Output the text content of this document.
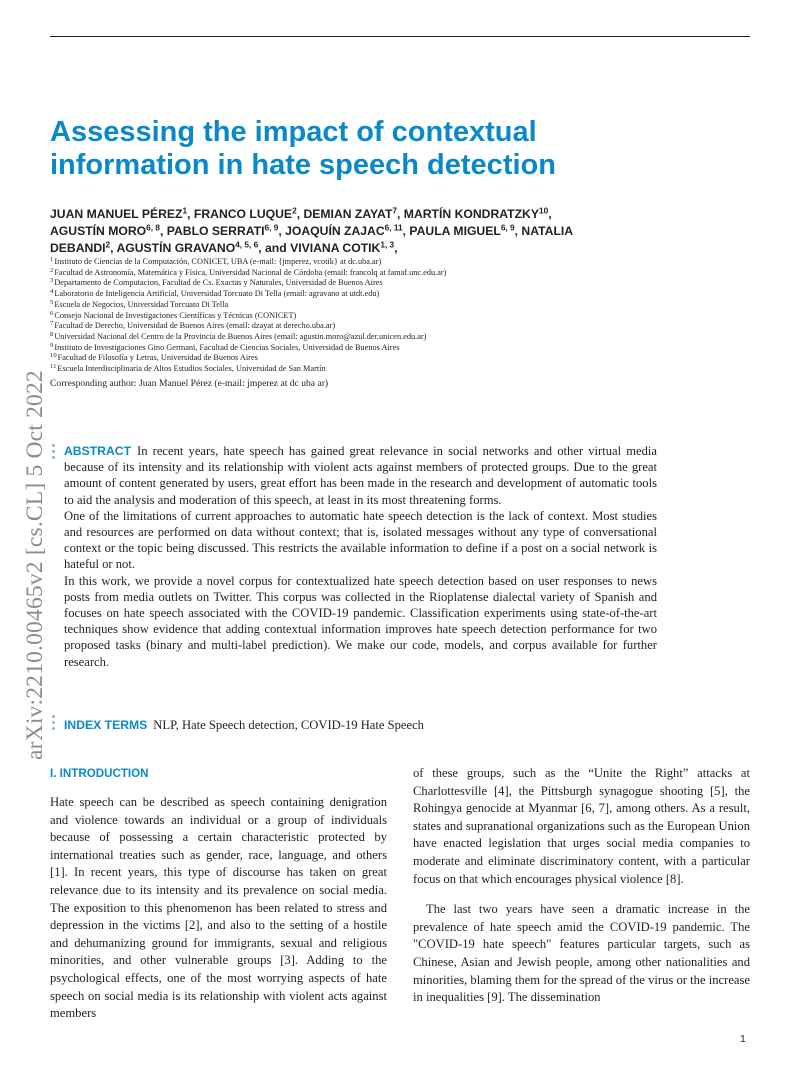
arXiv:2210.00465v2 [cs.CL] 5 Oct 2022
Assessing the impact of contextual
information in hate speech detection
JUAN MANUEL PÉREZ$^1$, FRANCO LUQUE$^2$, DEMIAN ZAYAT$^7$, MARTÍN KONDRATZKY$^{10}$,
AGUSTÍN MORO$^{6, 8}$, PABLO SERRATI$^{6, 9}$, JOAQUÍN ZAJAC$^{6, 11}$, PAULA MIGUEL$^{6, 9}$, NATALIA
DEBANDI$^2$, AGUSTÍN GRAVANO$^{4, 5, 6}$, and VIVIANA COTIK$^{1, 3}$,
$^1$Instituto de Ciencias de la Computación, CONICET, UBA (e-mail: {jmperez, vcotik} at dc.uba.ar)
$^2$Facultad de Astronomía, Matemática y Física, Universidad Nacional de Córdoba (email: francolq at famaf.unc.edu.ar)
$^3$Departamento de Computacion, Facultad de Cs. Exactas y Naturales, Universidad de Buenos Aires
$^4$Laboratorio de Inteligencia Artificial, Universidad Torcuato Di Tella (email: agravano at utdt.edu)
$^5$Escuela de Negocios, Universidad Torcuato Di Tella
$^6$Consejo Nacional de Investigaciones Científicas y Técnicas (CONICET)
$^7$Facultad de Derecho, Universidad de Buenos Aires (email: dzayat at derecho.uba.ar)
$^8$Universidad Nacional del Centro de la Provincia de Buenos Aires (email: agustin.moro@azul.der.unicen.edu.ar)
$^9$Instituto de Investigaciones Gino Germani, Facultad de Ciencias Sociales, Universidad de Buenos Aires
$^{10}$Facultad de Filosofía y Letras, Universidad de Buenos Aires
$^{11}$Escuela Interdisciplinaria de Altos Estudios Sociales, Universidad de San Martín
Corresponding author: Juan Manuel Pérez (e-mail: jmperez at dc uba ar)

ABSTRACT In recent years, hate speech has gained great relevance in social networks and other virtual media because of its intensity and its relationship with violent acts against members of protected groups. Due to the great amount of content generated by users, great effort has been made in the research and development of automatic tools to aid the analysis and moderation of this speech, at least in its most threatening forms.

One of the limitations of current approaches to automatic hate speech detection is the lack of context. Most studies and resources are performed on data without context; that is, isolated messages without any type of conversational context or the topic being discussed. This restricts the available information to define if a post on a social network is hateful or not.

In this work, we provide a novel corpus for contextualized hate speech detection based on user responses to news posts from media outlets on Twitter. This corpus was collected in the Rioplatense dialectal variety of Spanish and focuses on hate speech associated with the COVID-19 pandemic. Classification experiments using state-of-the-art techniques show evidence that adding contextual information improves hate speech detection performance for two proposed tasks (binary and multi-label prediction). We make our code, models, and corpus available for further research.

INDEX TERMS NLP, Hate Speech detection, COVID-19 Hate Speech
I. INTRODUCTION

Hate speech can be described as speech containing denigration and violence towards an individual or a group of individuals because of possessing a certain characteristic protected by international treaties such as gender, race, language, and others [1]. In recent years, this type of discourse has taken on great relevance due to its intensity and its prevalence on social media. The exposition to this phenomenon has been related to stress and depression in the victims [2], and also to the setting of a hostile and dehumanizing ground for immigrants, sexual and religious minorities, and other vulnerable groups [3]. Adding to the psychological effects, one of the most worrying aspects of hate speech on social media is its relationship with violent acts against members

of these groups, such as the “Unite the Right” attacks at Charlottesville [4], the Pittsburgh synagogue shooting [5], the Rohingya genocide at Myanmar [6, 7], among others. As a result, states and supranational organizations such as the European Union have enacted legislation that urges social media companies to moderate and eliminate discriminatory content, with a particular focus on that which encourages physical violence [8].

The last two years have seen a dramatic increase in the prevalence of hate speech amid the COVID-19 pandemic. The "COVID-19 hate speech" features particular targets, such as Chinese, Asian and Jewish people, among other nationalities and minorities, blaming them for the spread of the virus or the increase in inequalities [9]. The dissemination

1
